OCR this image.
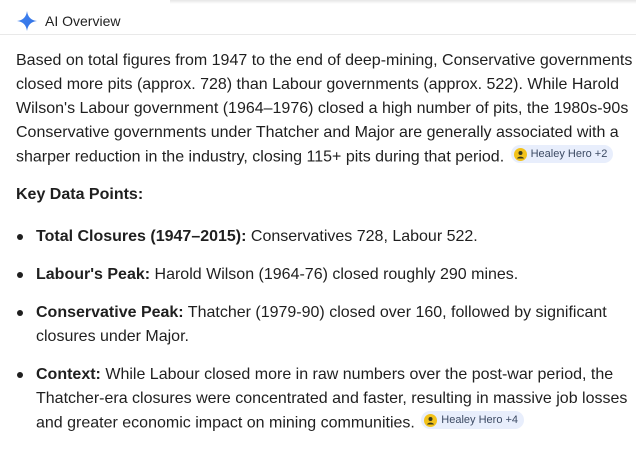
AI Overview

Based on total figures from 1947 to the end of deep-mining, Conservative governments closed more pits (approx. 728) than Labour governments (approx. 522). While Harold Wilson's Labour government (1964–1976) closed a high number of pits, the 1980s-90s Conservative governments under Thatcher and Major are generally associated with a sharper reduction in the industry, closing 115+ pits during that period. Healey Hero +2

Key Data Points:
Total Closures (1947–2015): Conservatives 728, Labour 522.
Labour's Peak: Harold Wilson (1964-76) closed roughly 290 mines.
Conservative Peak: Thatcher (1979-90) closed over 160, followed by significant closures under Major.
Context: While Labour closed more in raw numbers over the post-war period, the Thatcher-era closures were concentrated and faster, resulting in massive job losses and greater economic impact on mining communities. Healey Hero +4
